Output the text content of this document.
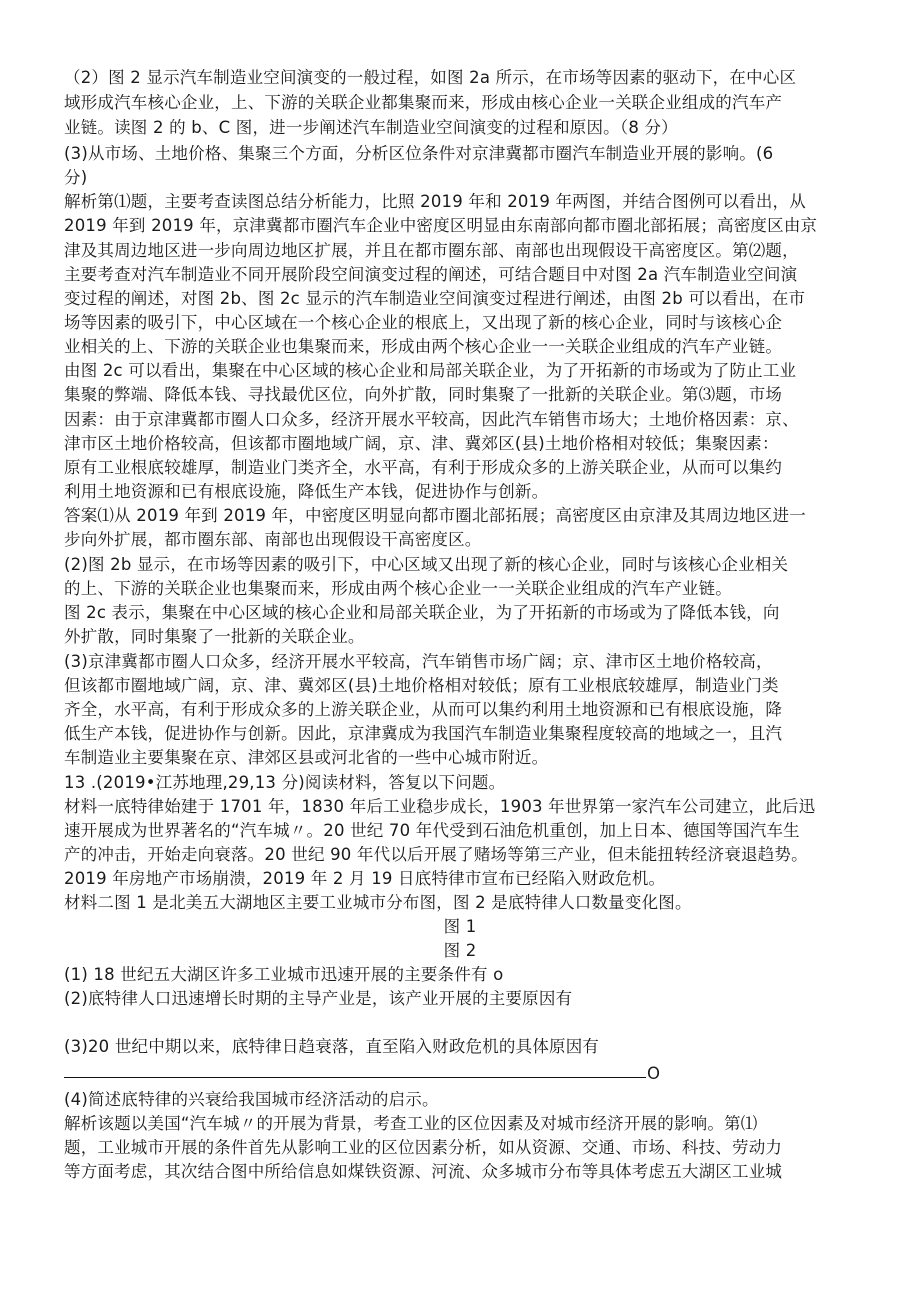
（2）图 2 显示汽车制造业空间演变的一般过程，如图 2a 所示，在市场等因素的驱动下，在中心区
域形成汽车核心企业，上、下游的关联企业都集聚而来，形成由核心企业一关联企业组成的汽车产
业链。读图 2 的 b、C 图，进一步阐述汽车制造业空间演变的过程和原因。（8 分）
(3)从市场、土地价格、集聚三个方面，分析区位条件对京津冀都市圈汽车制造业开展的影响。(6
分)
解析第⑴题，主要考查读图总结分析能力，比照 2019 年和 2019 年两图，并结合图例可以看出，从
2019 年到 2019 年，京津冀都市圈汽车企业中密度区明显由东南部向都市圈北部拓展；高密度区由京
津及其周边地区进一步向周边地区扩展，并且在都市圈东部、南部也出现假设干高密度区。第⑵题，
主要考查对汽车制造业不同开展阶段空间演变过程的阐述，可结合题目中对图 2a 汽车制造业空间演
变过程的阐述，对图 2b、图 2c 显示的汽车制造业空间演变过程进行阐述，由图 2b 可以看出，在市
场等因素的吸引下，中心区域在一个核心企业的根底上，又出现了新的核心企业，同时与该核心企
业相关的上、下游的关联企业也集聚而来，形成由两个核心企业一一关联企业组成的汽车产业链。
由图 2c 可以看出，集聚在中心区域的核心企业和局部关联企业，为了开拓新的市场或为了防止工业
集聚的弊端、降低本钱、寻找最优区位，向外扩散，同时集聚了一批新的关联企业。第⑶题，市场
因素：由于京津冀都市圈人口众多，经济开展水平较高，因此汽车销售市场大；土地价格因素：京、
津市区土地价格较高，但该都市圈地域广阔，京、津、冀郊区(县)土地价格相对较低；集聚因素：
原有工业根底较雄厚，制造业门类齐全，水平高，有利于形成众多的上游关联企业，从而可以集约
利用土地资源和已有根底设施，降低生产本钱，促进协作与创新。
答案⑴从 2019 年到 2019 年，中密度区明显向都市圈北部拓展；高密度区由京津及其周边地区进一
步向外扩展，都市圈东部、南部也出现假设干高密度区。
(2)图 2b 显示，在市场等因素的吸引下，中心区域又出现了新的核心企业，同时与该核心企业相关
的上、下游的关联企业也集聚而来，形成由两个核心企业一一关联企业组成的汽车产业链。
图 2c 表示，集聚在中心区域的核心企业和局部关联企业，为了开拓新的市场或为了降低本钱，向
外扩散，同时集聚了一批新的关联企业。
(3)京津冀都市圈人口众多，经济开展水平较高，汽车销售市场广阔；京、津市区土地价格较高，
但该都市圈地域广阔，京、津、冀郊区(县)土地价格相对较低；原有工业根底较雄厚，制造业门类
齐全，水平高，有利于形成众多的上游关联企业，从而可以集约利用土地资源和已有根底设施，降
低生产本钱，促进协作与创新。因此，京津冀成为我国汽车制造业集聚程度较高的地域之一，且汽
车制造业主要集聚在京、津郊区县或河北省的一些中心城市附近。
13 .(2019•江苏地理,29,13 分)阅读材料，答复以下问题。
材料一底特律始建于 1701 年，1830 年后工业稳步成长，1903 年世界第一家汽车公司建立，此后迅
速开展成为世界著名的“汽车城〃。20 世纪 70 年代受到石油危机重创，加上日本、德国等国汽车生
产的冲击，开始走向衰落。20 世纪 90 年代以后开展了赌场等第三产业，但未能扭转经济衰退趋势。
2019 年房地产市场崩溃，2019 年 2 月 19 日底特律市宣布已经陷入财政危机。
材料二图 1 是北美五大湖地区主要工业城市分布图，图 2 是底特律人口数量变化图。
图 1
图 2
(1) 18 世纪五大湖区许多工业城市迅速开展的主要条件有 o
(2)底特律人口迅速增长时期的主导产业是，该产业开展的主要原因有
(3)20 世纪中期以来，底特律日趋衰落，直至陷入财政危机的具体原因有
O
(4)简述底特律的兴衰给我国城市经济活动的启示。
解析该题以美国“汽车城〃的开展为背景，考查工业的区位因素及对城市经济开展的影响。第⑴
题，工业城市开展的条件首先从影响工业的区位因素分析，如从资源、交通、市场、科技、劳动力
等方面考虑，其次结合图中所给信息如煤铁资源、河流、众多城市分布等具体考虑五大湖区工业城
